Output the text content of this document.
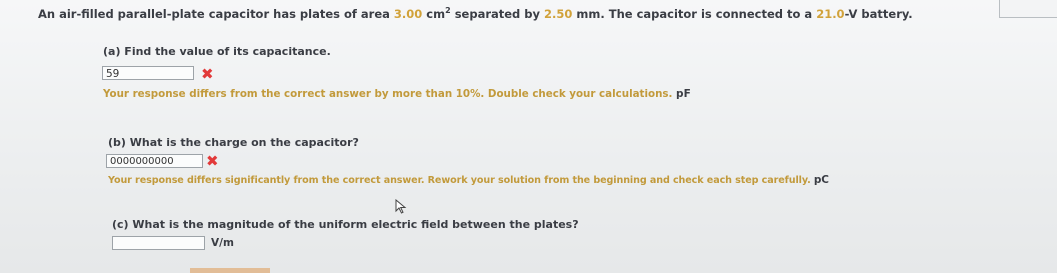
An air-filled parallel-plate capacitor has plates of area 3.00 $cm^2$ separated by 2.50 mm. The capacitor is connected to a 21.0-V battery.
(a) Find the value of its capacitance.
59	✖
Your response differs from the correct answer by more than 10%. Double check your calculations. pF
(b) What is the charge on the capacitor?
0000000000	✖
Your response differs significantly from the correct answer. Rework your solution from the beginning and check each step carefully. pC
(c) What is the magnitude of the uniform electric field between the plates?
V/m
